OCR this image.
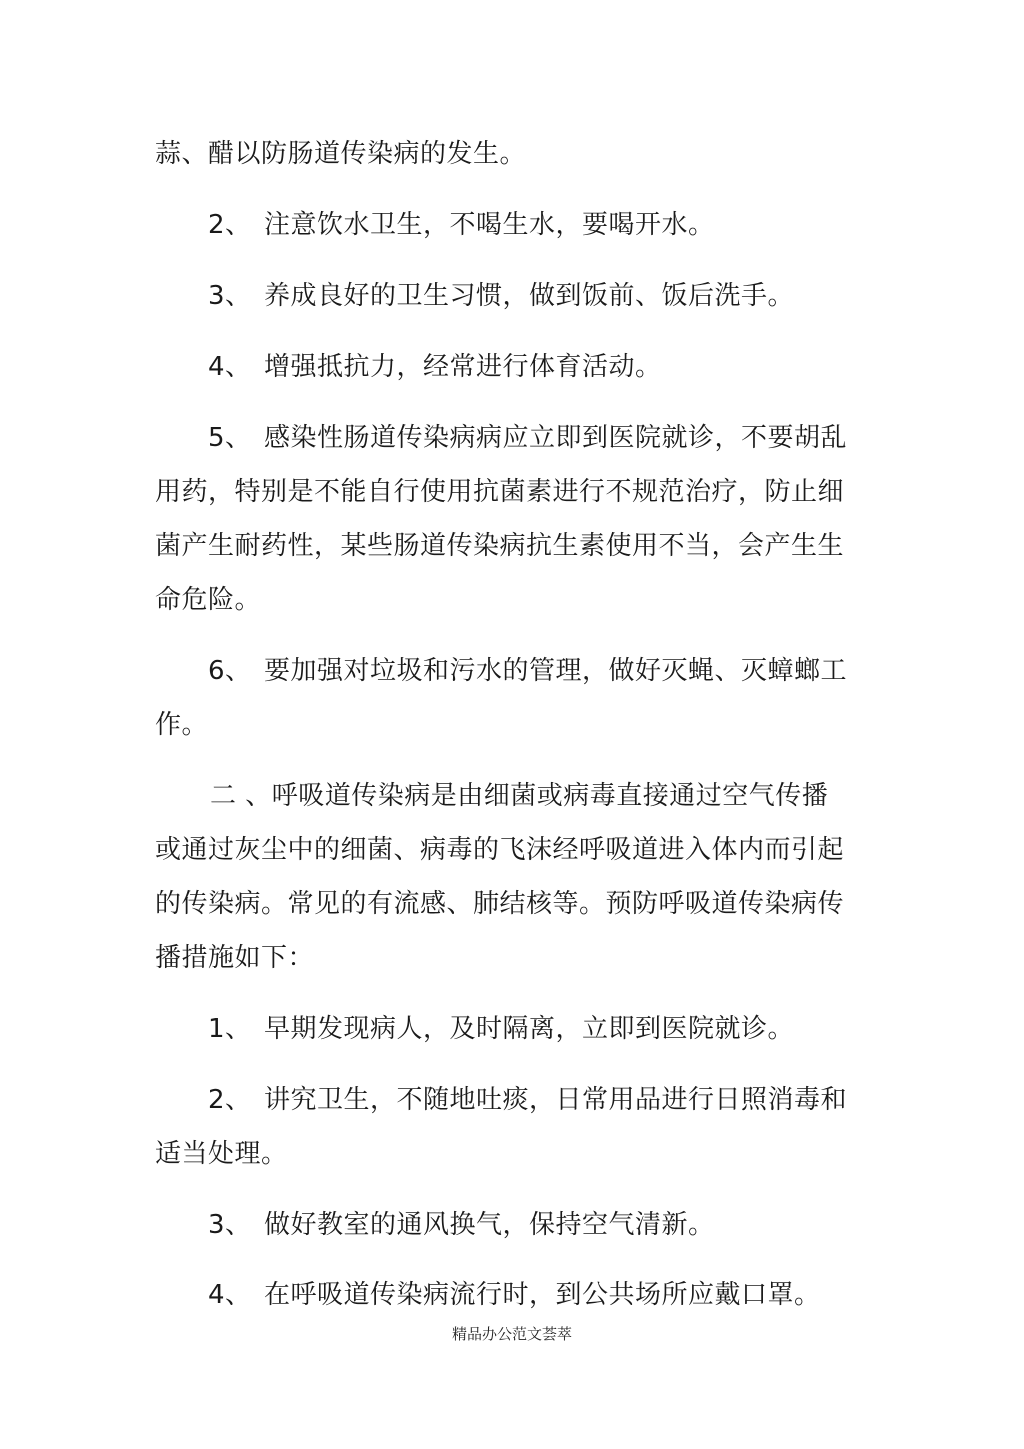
蒜、醋以防肠道传染病的发生。
2、 注意饮水卫生，不喝生水，要喝开水。
3、 养成良好的卫生习惯，做到饭前、饭后洗手。
4、 增强抵抗力，经常进行体育活动。
5、 感染性肠道传染病病应立即到医院就诊，不要胡乱
用药，特别是不能自行使用抗菌素进行不规范治疗，防止细
菌产生耐药性，某些肠道传染病抗生素使用不当，会产生生
命危险。
6、 要加强对垃圾和污水的管理，做好灭蝇、灭蟑螂工
作。
二 、呼吸道传染病是由细菌或病毒直接通过空气传播
或通过灰尘中的细菌、病毒的飞沫经呼吸道进入体内而引起
的传染病。常见的有流感、肺结核等。预防呼吸道传染病传
播措施如下：
1、 早期发现病人，及时隔离，立即到医院就诊。
2、 讲究卫生，不随地吐痰，日常用品进行日照消毒和
适当处理。
3、 做好教室的通风换气，保持空气清新。
4、 在呼吸道传染病流行时，到公共场所应戴口罩。
精品办公范文荟萃
